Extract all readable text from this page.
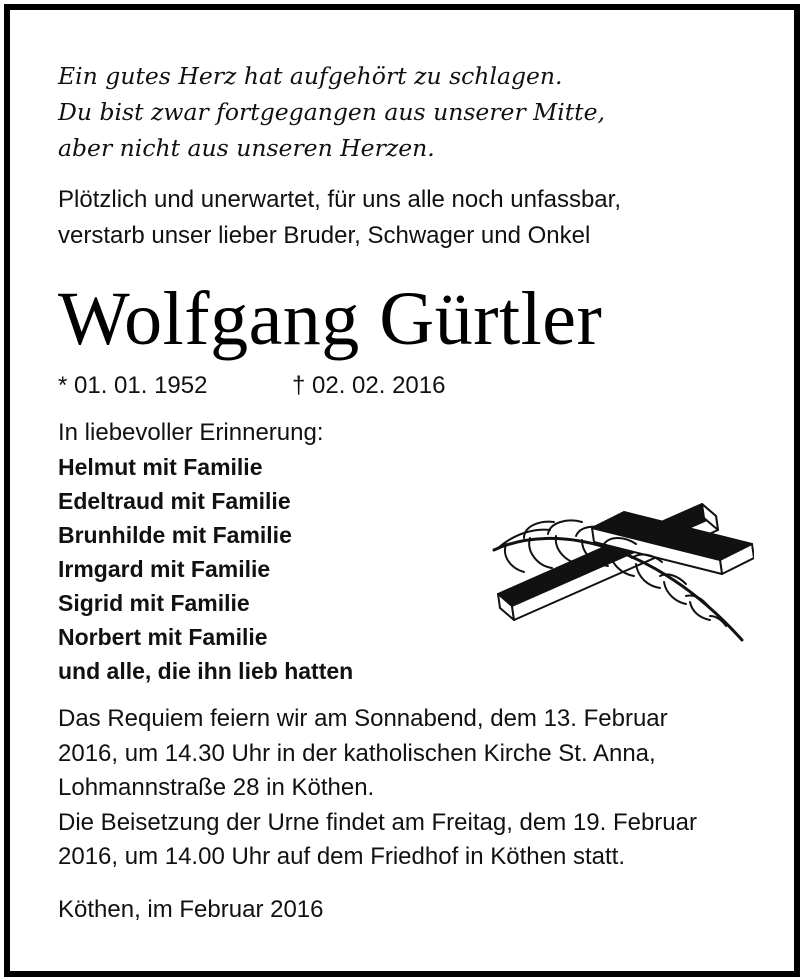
Ein gutes Herz hat aufgehört zu schlagen.
Du bist zwar fortgegangen aus unserer Mitte,
aber nicht aus unseren Herzen.
Plötzlich und unerwartet, für uns alle noch unfassbar,
verstarb unser lieber Bruder, Schwager und Onkel
Wolfgang Gürtler
* 01. 01. 1952	† 02. 02. 2016
In liebevoller Erinnerung:
Helmut mit Familie
Edeltraud mit Familie
Brunhilde mit Familie
Irmgard mit Familie
Sigrid mit Familie
Norbert mit Familie
und alle, die ihn lieb hatten
Das Requiem feiern wir am Sonnabend, dem 13. Februar
2016, um 14.30 Uhr in der katholischen Kirche St. Anna,
Lohmannstraße 28 in Köthen.
Die Beisetzung der Urne findet am Freitag, dem 19. Februar
2016, um 14.00 Uhr auf dem Friedhof in Köthen statt.
Köthen, im Februar 2016
